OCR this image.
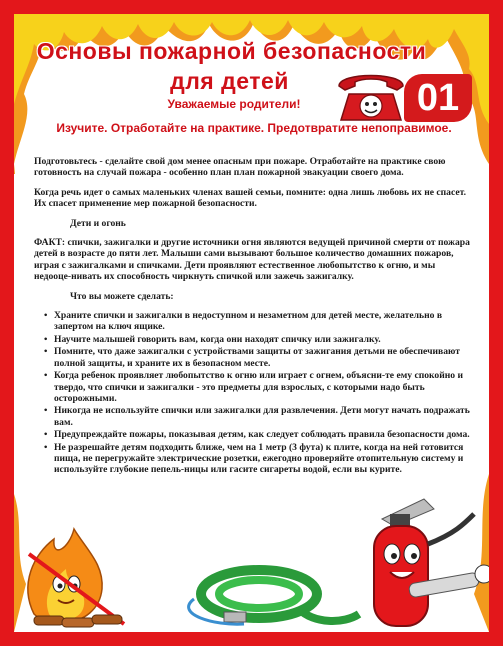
Основы пожарной безопасности
для детей	01
Уважаемые родители!
Изучите. Отработайте на практике. Предотвратите непоправимое.

Подготовьтесь - сделайте свой дом менее опасным при пожаре. Отработайте на практике свою готовность на случай пожара - особенно план план пожарной эвакуации своего дома.

Когда речь идет о самых маленьких членах вашей семьи, помните: одна лишь любовь их не спасет. Их спасет применение мер пожарной безопасности.

Дети и огонь

ФАКТ: спички, зажигалки и другие источники огня являются ведущей причиной смерти от пожара детей в возрасте до пяти лет. Малыши сами вызывают большое количество домашних пожаров, играя с зажигалками и спичками. Дети проявляют естественное любопытство к огню, и мы недооце-нивать их способность чиркнуть спичкой или зажечь зажигалку.

Что вы можете сделать:

• Храните спички и зажигалки в недоступном и незаметном для детей месте, желательно в запертом на ключ ящике.
• Научите малышей говорить вам, когда они находят спичку или зажигалку.
• Помните, что даже зажигалки с устройствами защиты от зажигания детьми не обеспечивают полной защиты, и храните их в безопасном месте.
• Когда ребенок проявляет любопытство к огню или играет с огнем, объясни-те ему спокойно и твердо, что спички и зажигалки - это предметы для взрослых, с которыми надо быть осторожными.
• Никогда не используйте спички или зажигалки для развлечения. Дети могут начать подражать вам.
• Предупреждайте пожары, показывая детям, как следует соблюдать правила безопасности дома.
• Не разрешайте детям подходить ближе, чем на 1 метр (3 фута) к плите, когда на ней готовится пища, не перегружайте электрические розетки, ежегодно проверяйте отопительную систему и используйте глубокие пепель-ницы или гасите сигареты водой, если вы курите.
